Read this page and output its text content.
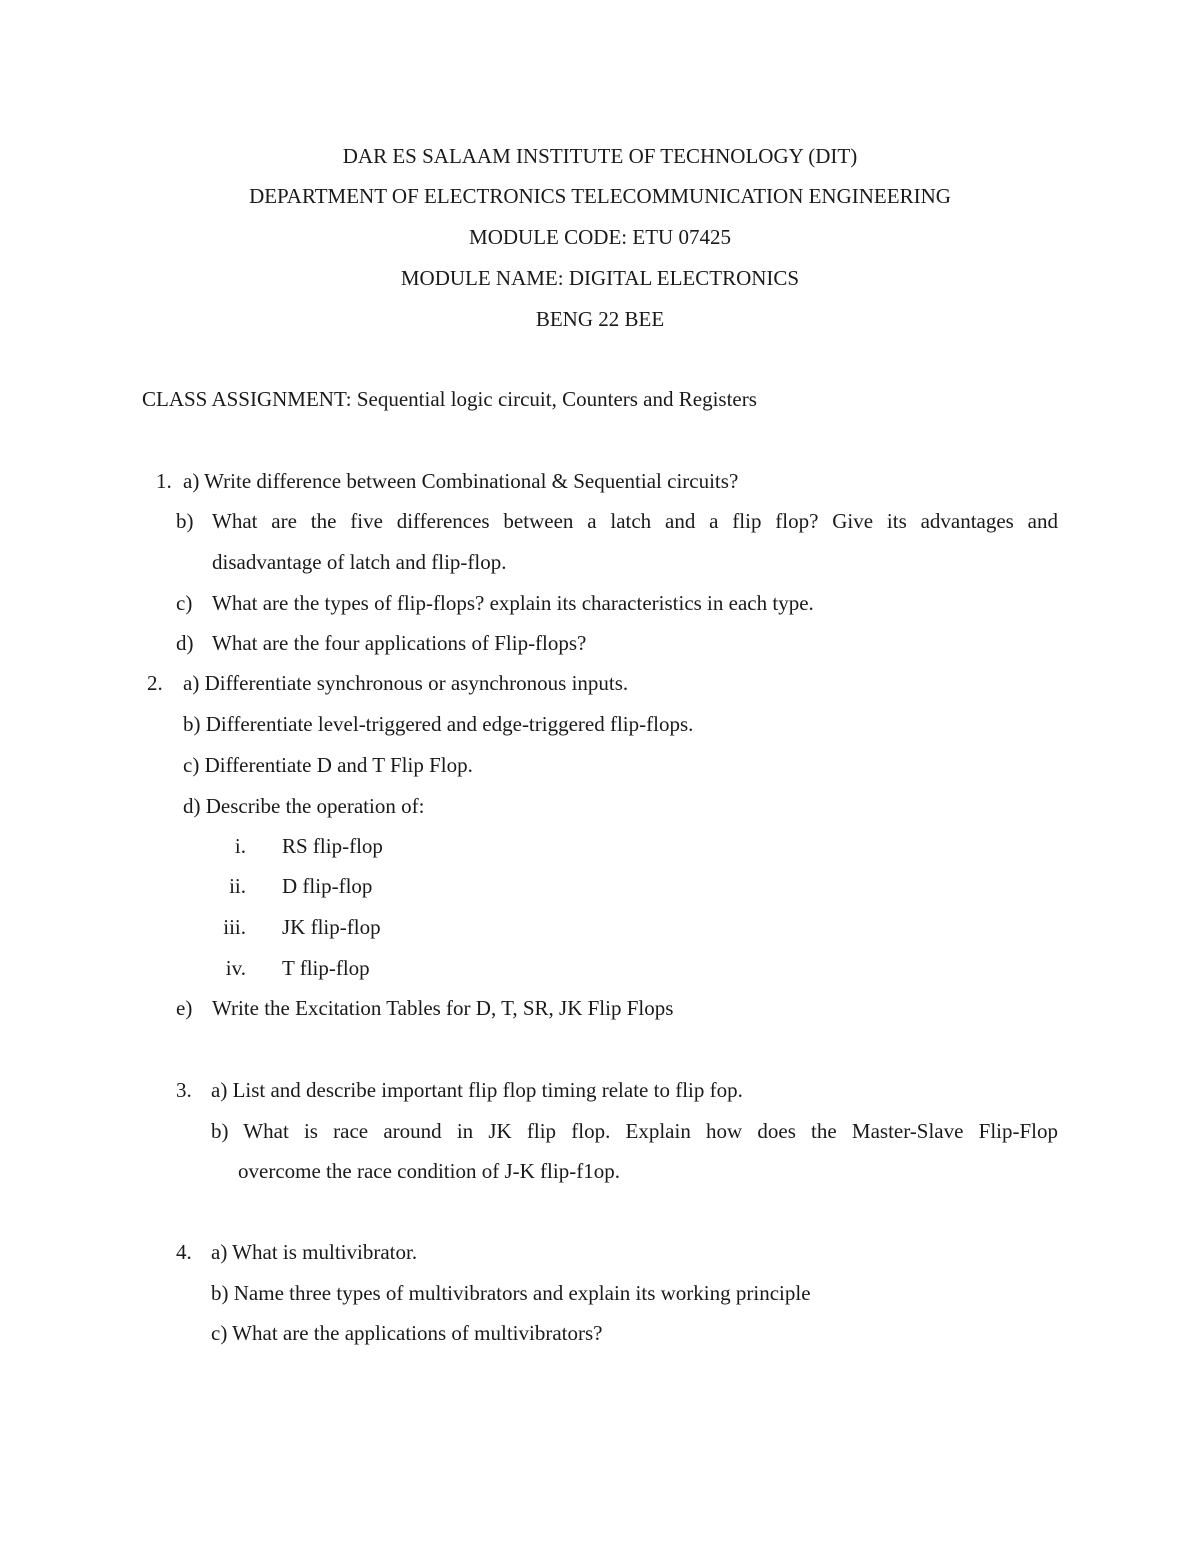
DAR ES SALAAM INSTITUTE OF TECHNOLOGY (DIT)
DEPARTMENT OF ELECTRONICS TELECOMMUNICATION ENGINEERING
MODULE CODE: ETU 07425
MODULE NAME: DIGITAL ELECTRONICS
BENG 22 BEE
CLASS ASSIGNMENT: Sequential logic circuit, Counters and Registers
1. a) Write difference between Combinational & Sequential circuits?
b) What are the five differences between a latch and a flip flop? Give its advantages and
disadvantage of latch and flip-flop.
c) What are the types of flip-flops? explain its characteristics in each type.
d) What are the four applications of Flip-flops?
2. a) Differentiate synchronous or asynchronous inputs.
b) Differentiate level-triggered and edge-triggered flip-flops.
c) Differentiate D and T Flip Flop.
d) Describe the operation of:
i. RS flip-flop
ii. D flip-flop
iii. JK flip-flop
iv. T flip-flop
e) Write the Excitation Tables for D, T, SR, JK Flip Flops
3. a) List and describe important flip flop timing relate to flip fop.
b) What is race around in JK flip flop. Explain how does the Master-Slave Flip-Flop
overcome the race condition of J-K flip-f1op.
4. a) What is multivibrator.
b) Name three types of multivibrators and explain its working principle
c) What are the applications of multivibrators?
